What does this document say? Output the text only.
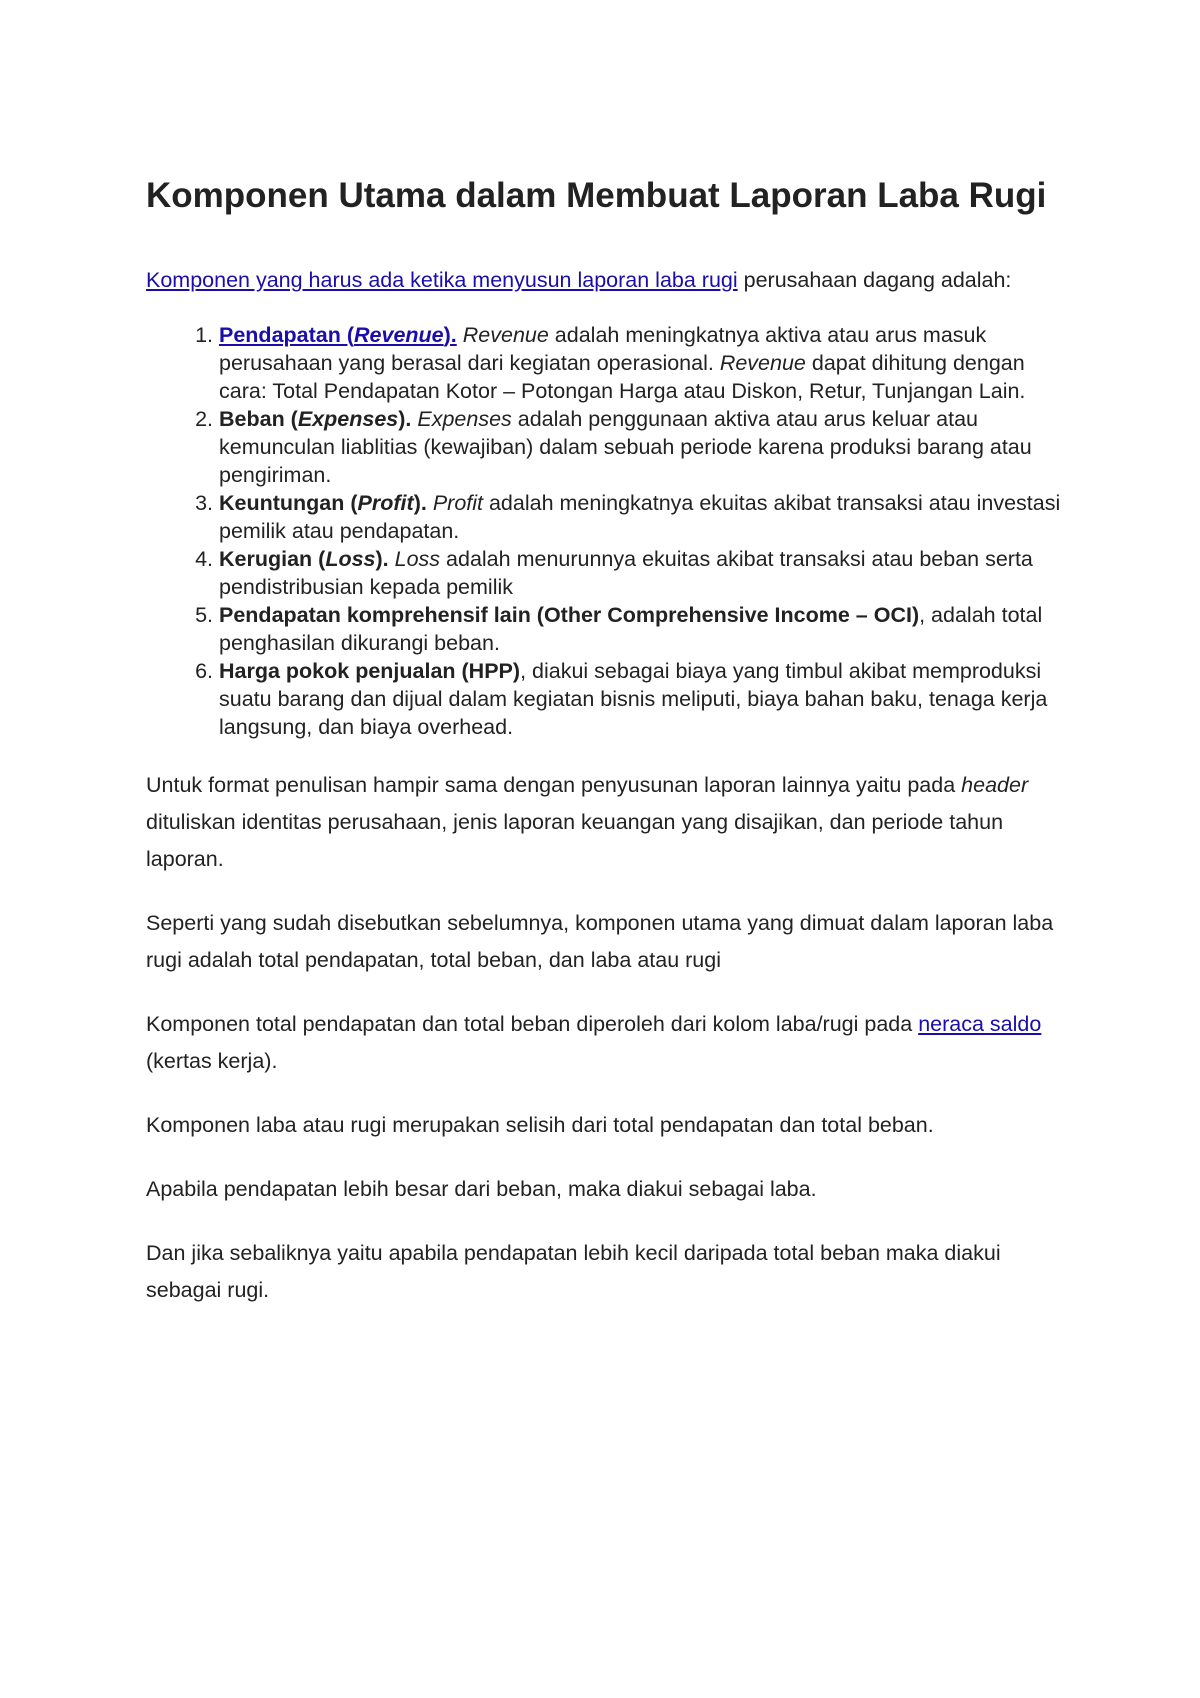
Komponen Utama dalam Membuat Laporan Laba Rugi

Komponen yang harus ada ketika menyusun laporan laba rugi perusahaan dagang adalah:

1. Pendapatan (Revenue). Revenue adalah meningkatnya aktiva atau arus masuk perusahaan yang berasal dari kegiatan operasional. Revenue dapat dihitung dengan cara: Total Pendapatan Kotor – Potongan Harga atau Diskon, Retur, Tunjangan Lain.
2. Beban (Expenses). Expenses adalah penggunaan aktiva atau arus keluar atau kemunculan liablitias (kewajiban) dalam sebuah periode karena produksi barang atau pengiriman.
3. Keuntungan (Profit). Profit adalah meningkatnya ekuitas akibat transaksi atau investasi pemilik atau pendapatan.
4. Kerugian (Loss). Loss adalah menurunnya ekuitas akibat transaksi atau beban serta pendistribusian kepada pemilik
5. Pendapatan komprehensif lain (Other Comprehensive Income – OCI), adalah total penghasilan dikurangi beban.
6. Harga pokok penjualan (HPP), diakui sebagai biaya yang timbul akibat memproduksi suatu barang dan dijual dalam kegiatan bisnis meliputi, biaya bahan baku, tenaga kerja langsung, dan biaya overhead.

Untuk format penulisan hampir sama dengan penyusunan laporan lainnya yaitu pada header dituliskan identitas perusahaan, jenis laporan keuangan yang disajikan, dan periode tahun laporan.

Seperti yang sudah disebutkan sebelumnya, komponen utama yang dimuat dalam laporan laba rugi adalah total pendapatan, total beban, dan laba atau rugi

Komponen total pendapatan dan total beban diperoleh dari kolom laba/rugi pada neraca saldo (kertas kerja).

Komponen laba atau rugi merupakan selisih dari total pendapatan dan total beban.

Apabila pendapatan lebih besar dari beban, maka diakui sebagai laba.

Dan jika sebaliknya yaitu apabila pendapatan lebih kecil daripada total beban maka diakui sebagai rugi.
